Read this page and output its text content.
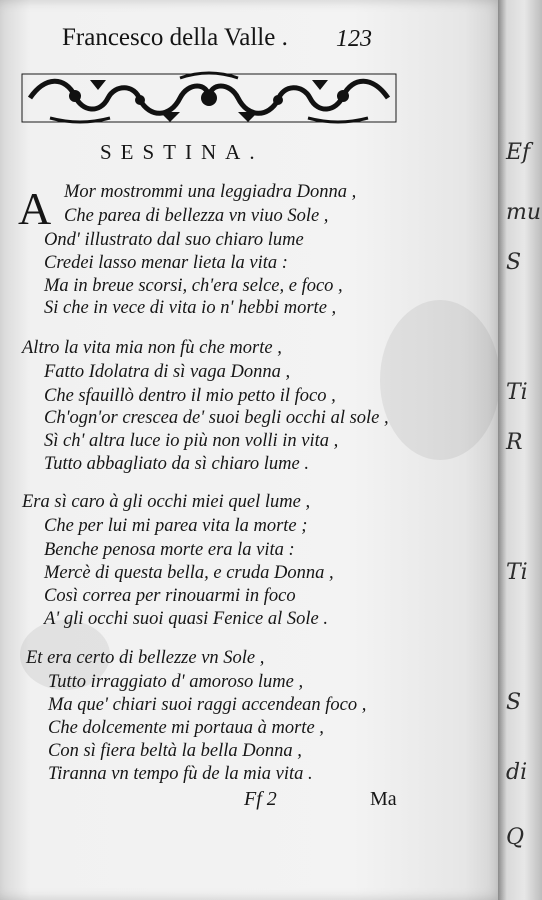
Francesco della Valle . 123
SESTINA.
A Mor mostrommi una leggiadra Donna ,
Che parea di bellezza vn viuo Sole ,
Ond' illustrato dal suo chiaro lume
Credei lasso menar lieta la vita :
Ma in breue scorsi, ch'era selce, e foco ,
Si che in vece di vita io n' hebbi morte ,
Altro la vita mia non fù che morte ,
Fatto Idolatra di sì vaga Donna ,
Che sfauillò dentro il mio petto il foco ,
Ch'ogn'or crescea de' suoi begli occhi al sole ,
Sì ch' altra luce io più non volli in vita ,
Tutto abbagliato da sì chiaro lume .
Era sì caro à gli occhi miei quel lume ,
Che per lui mi parea vita la morte ;
Benche penosa morte era la vita :
Mercè di questa bella, e cruda Donna ,
Così correa per rinouarmi in foco
A' gli occhi suoi quasi Fenice al Sole .
Et era certo di bellezze vn Sole ,
Tutto irraggiato d' amoroso lume ,
Ma que' chiari suoi raggi accendean foco ,
Che dolcemente mi portaua à morte ,
Con sì fiera beltà la bella Donna ,
Tiranna vn tempo fù de la mia vita .
Ff 2	Ma
Ef
mu
S
Ti
R
Ti
S
di
Q
